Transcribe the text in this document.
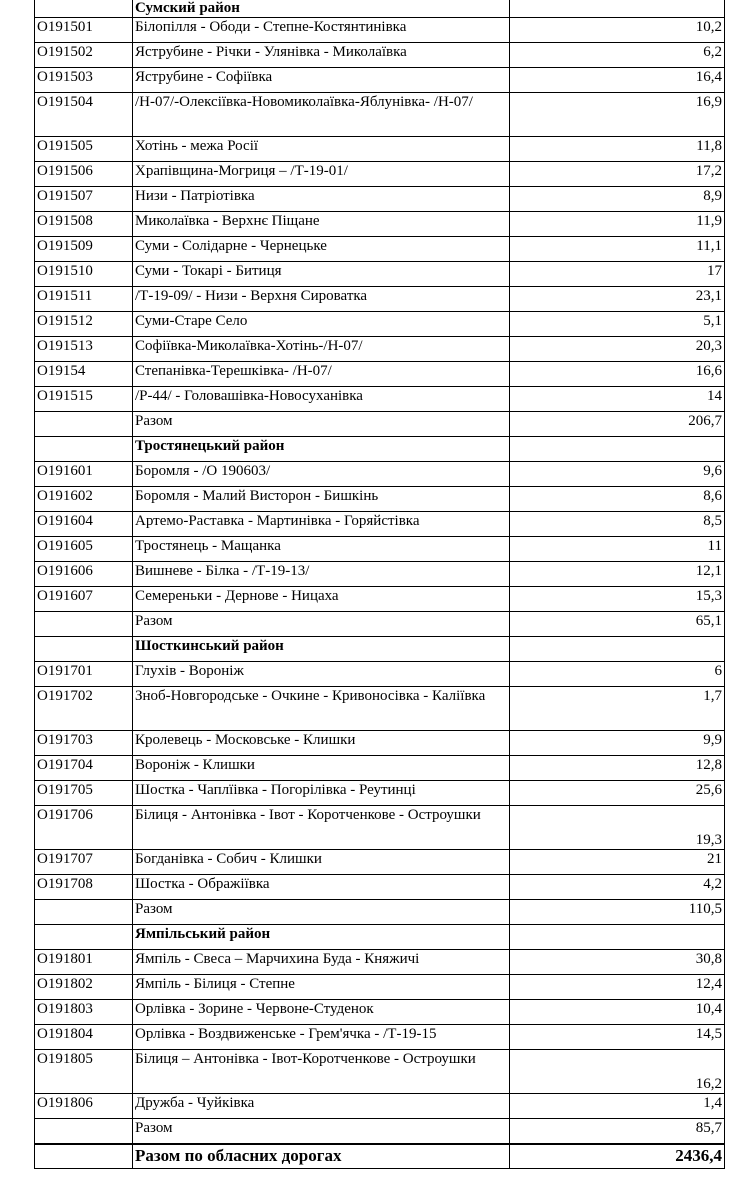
	Сумский район	
О191501	Білопілля - Ободи - Степне-Костянтинівка	10,2
О191502	Яструбине - Річки - Улянівка - Миколаївка	6,2
О191503	Яструбине - Софіївка	16,4
О191504	/Н-07/-Олексіївка-Новомиколаївка-Яблунівка- /Н-07/	16,9
О191505	Хотінь - межа Росії	11,8
О191506	Храпівщина-Могриця – /Т-19-01/	17,2
О191507	Низи - Патріотівка	8,9
О191508	Миколаївка - Верхнє Піщане	11,9
О191509	Суми - Солідарне - Чернецьке	11,1
О191510	Суми - Токарі - Битиця	17
О191511	/Т-19-09/ - Низи - Верхня Сироватка	23,1
О191512	Суми-Старе Село	5,1
О191513	Софіївка-Миколаївка-Хотінь-/Н-07/	20,3
О19154	Степанівка-Терешківка- /Н-07/	16,6
О191515	/Р-44/ - Головашівка-Новосуханівка	14
	Разом	206,7
	Тростянецький район	
О191601	Боромля - /О 190603/	9,6
О191602	Боромля - Малий Висторон - Бишкінь	8,6
О191604	Артемо-Раставка - Мартинівка - Горяйстівка	8,5
О191605	Тростянець - Мащанка	11
О191606	Вишневе - Білка - /Т-19-13/	12,1
О191607	Семереньки - Дернове - Ницаха	15,3
	Разом	65,1
	Шосткинський район	
О191701	Глухів - Вороніж	6
О191702	Зноб-Новгородське - Очкине - Кривоносівка - Каліївка	1,7
О191703	Кролевець - Московське - Клишки	9,9
О191704	Вороніж - Клишки	12,8
О191705	Шостка - Чаплїівка - Погорілівка - Реутинці	25,6
О191706	Білиця - Антонівка - Івот - Коротченкове - Остроушки	19,3
О191707	Богданівка - Собич - Клишки	21
О191708	Шостка - Ображіївка	4,2
	Разом	110,5
	Ямпільський район	
О191801	Ямпіль - Свеса – Марчихина Буда - Княжичі	30,8
О191802	Ямпіль - Білиця - Степне	12,4
О191803	Орлівка - Зорине - Червоне-Студенок	10,4
О191804	Орлівка - Воздвиженське - Грем'ячка - /Т-19-15	14,5
О191805	Білиця – Антонівка - Івот-Коротченкове - Остроушки	16,2
О191806	Дружба - Чуйківка	1,4
	Разом	85,7
	Разом по обласних дорогах	2436,4
